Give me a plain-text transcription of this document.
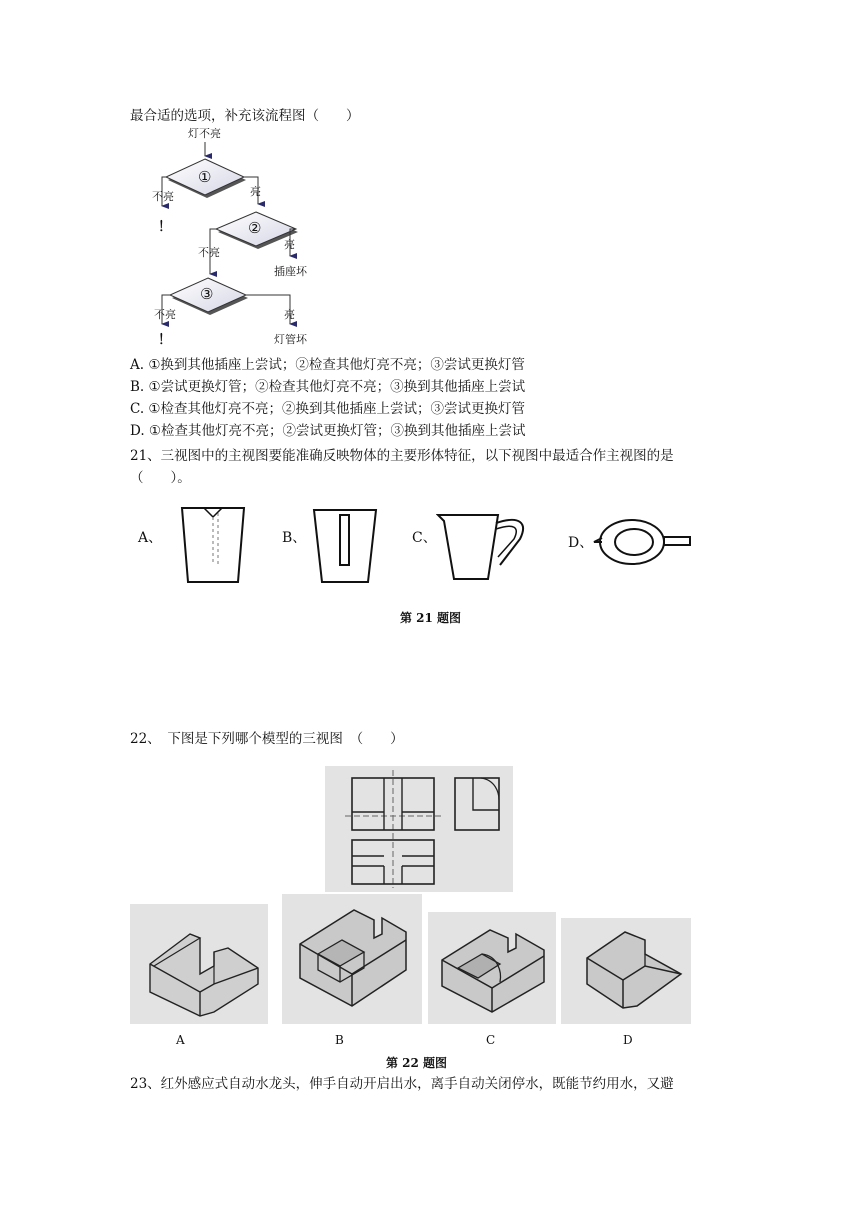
最合适的选项，补充该流程图（　　）
灯不亮
①
不亮	亮
！	②
不亮
亮
插座坏
③
不亮	亮
！	灯管坏
A. ①换到其他插座上尝试；②检查其他灯亮不亮；③尝试更换灯管
B. ①尝试更换灯管；②检查其他灯亮不亮；③换到其他插座上尝试
C. ①检查其他灯亮不亮；②换到其他插座上尝试；③尝试更换灯管
D. ①检查其他灯亮不亮；②尝试更换灯管；③换到其他插座上尝试
21、三视图中的主视图要能准确反映物体的主要形体特征，以下视图中最适合作主视图的是
（　　）。
A、	B、	C、	D、
第 21 题图
22、　下图是下列哪个模型的三视图　（　　）
A	B	C	D
第 22 题图
23、红外感应式自动水龙头，伸手自动开启出水，离手自动关闭停水，既能节约用水，又避
